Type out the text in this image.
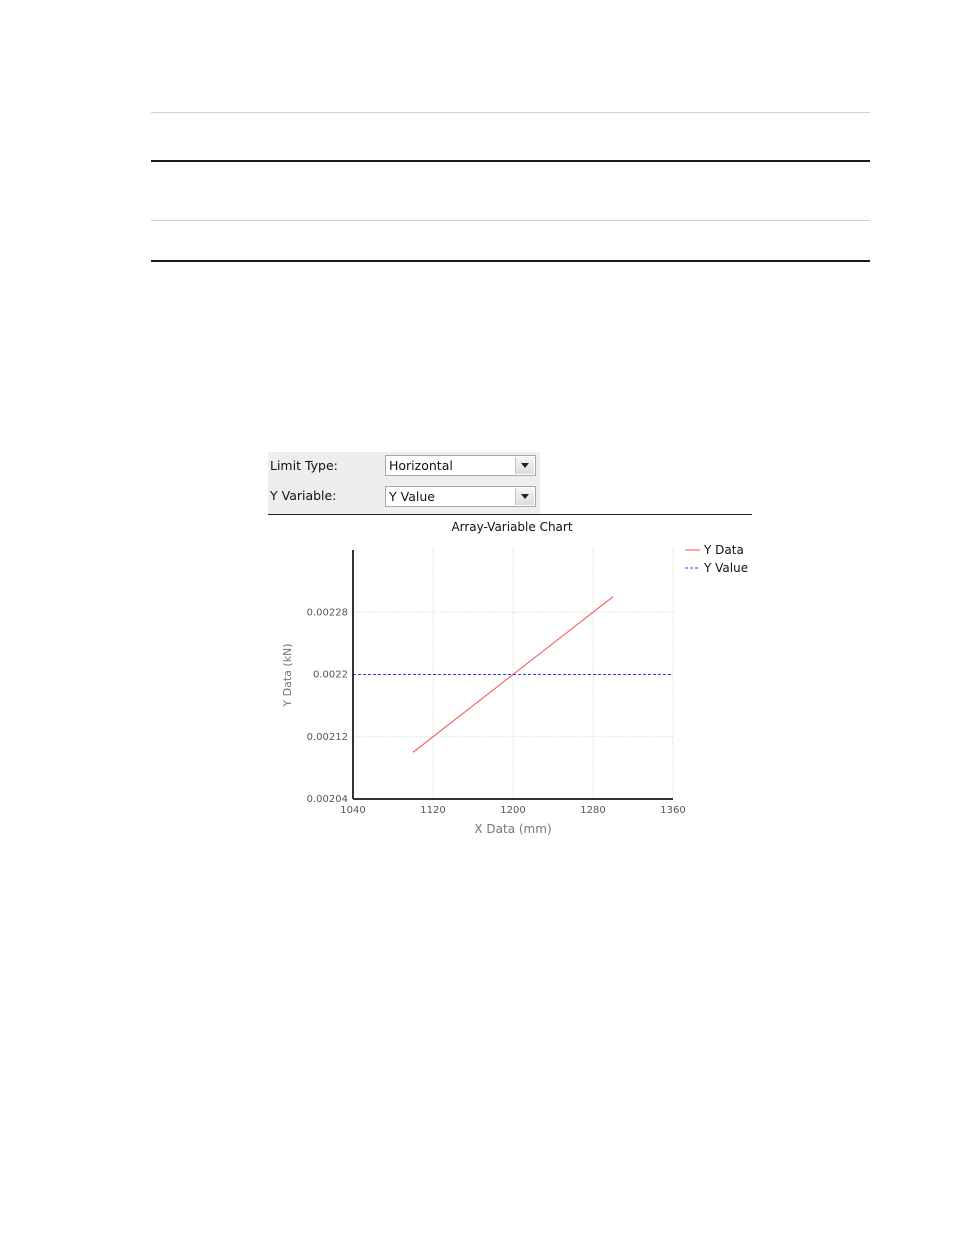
Limit Type:	Horizontal
Y Variable:	Y Value
Array-Variable Chart
1040	1120	1200	1280	1360
0.00204
0.00212
0.0022
0.00228
X Data (mm)
Y Data (kN)
Y Data
Y Value
